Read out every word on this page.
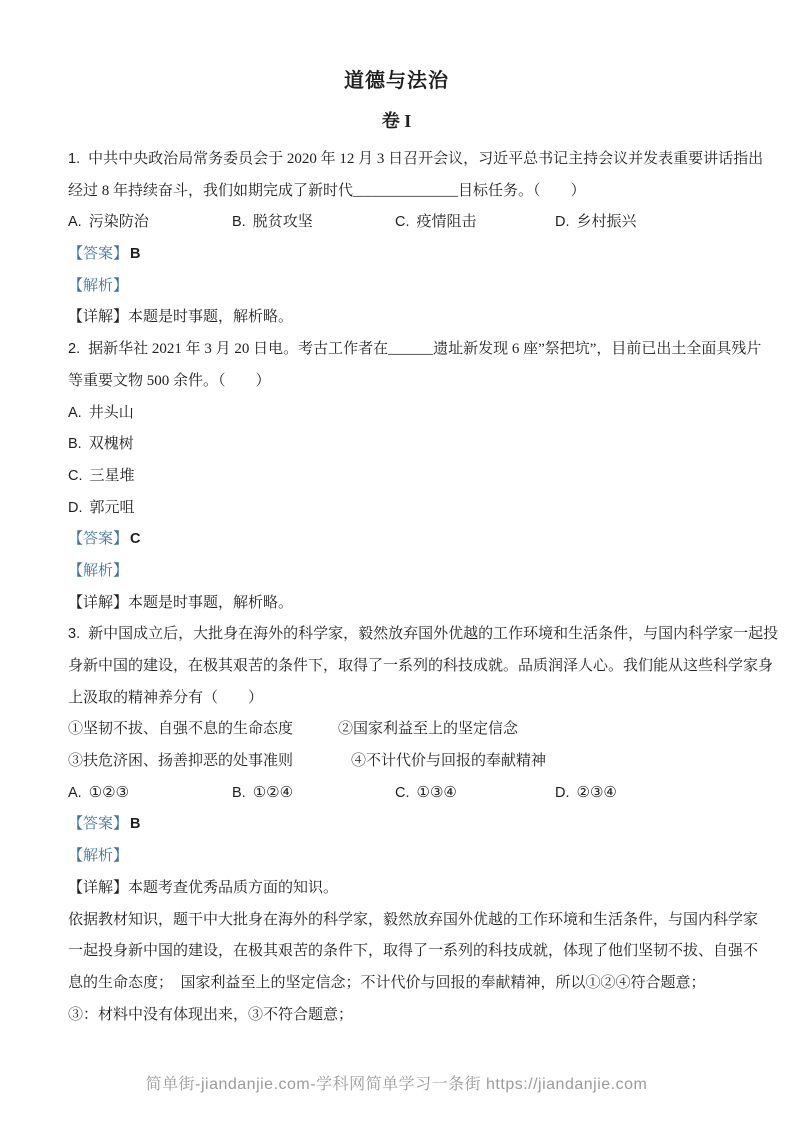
道德与法治
卷 I
1. 中共中央政治局常务委员会于 2020 年 12 月 3 日召开会议，习近平总书记主持会议并发表重要讲话指出
经过 8 年持续奋斗，我们如期完成了新时代______________目标任务。（　　）
A. 污染防治	B. 脱贫攻坚	C. 疫情阻击	D. 乡村振兴
【答案】 B
【解析】
【详解】本题是时事题，解析略。
2. 据新华社 2021 年 3 月 20 日电。考古工作者在______遗址新发现 6 座”祭把坑”，目前已出土全面具残片
等重要文物 500 余件。（　　）
A. 井头山
B. 双槐树
C. 三星堆
D. 郭元咀
【答案】 C
【解析】
【详解】本题是时事题，解析略。
3. 新中国成立后，大批身在海外的科学家，毅然放弃国外优越的工作环境和生活条件，与国内科学家一起投
身新中国的建设，在极其艰苦的条件下，取得了一系列的科技成就。品质润泽人心。我们能从这些科学家身
上汲取的精神养分有（　　）
①坚韧不拔、自强不息的生命态度	②国家利益至上的坚定信念
③扶危济困、扬善抑恶的处事准则	④不计代价与回报的奉献精神
A. ①②③	B. ①②④	C. ①③④	D. ②③④
【答案】 B
【解析】
【详解】本题考查优秀品质方面的知识。
依据教材知识，题干中大批身在海外的科学家，毅然放弃国外优越的工作环境和生活条件，与国内科学家
一起投身新中国的建设，在极其艰苦的条件下，取得了一系列的科技成就，体现了他们坚韧不拔、自强不
息的生命态度；　国家利益至上的坚定信念；不计代价与回报的奉献精神，所以①②④符合题意；
③：材料中没有体现出来，③不符合题意；
简单街-jiandanjie.com-学科网简单学习一条街 https://jiandanjie.com
